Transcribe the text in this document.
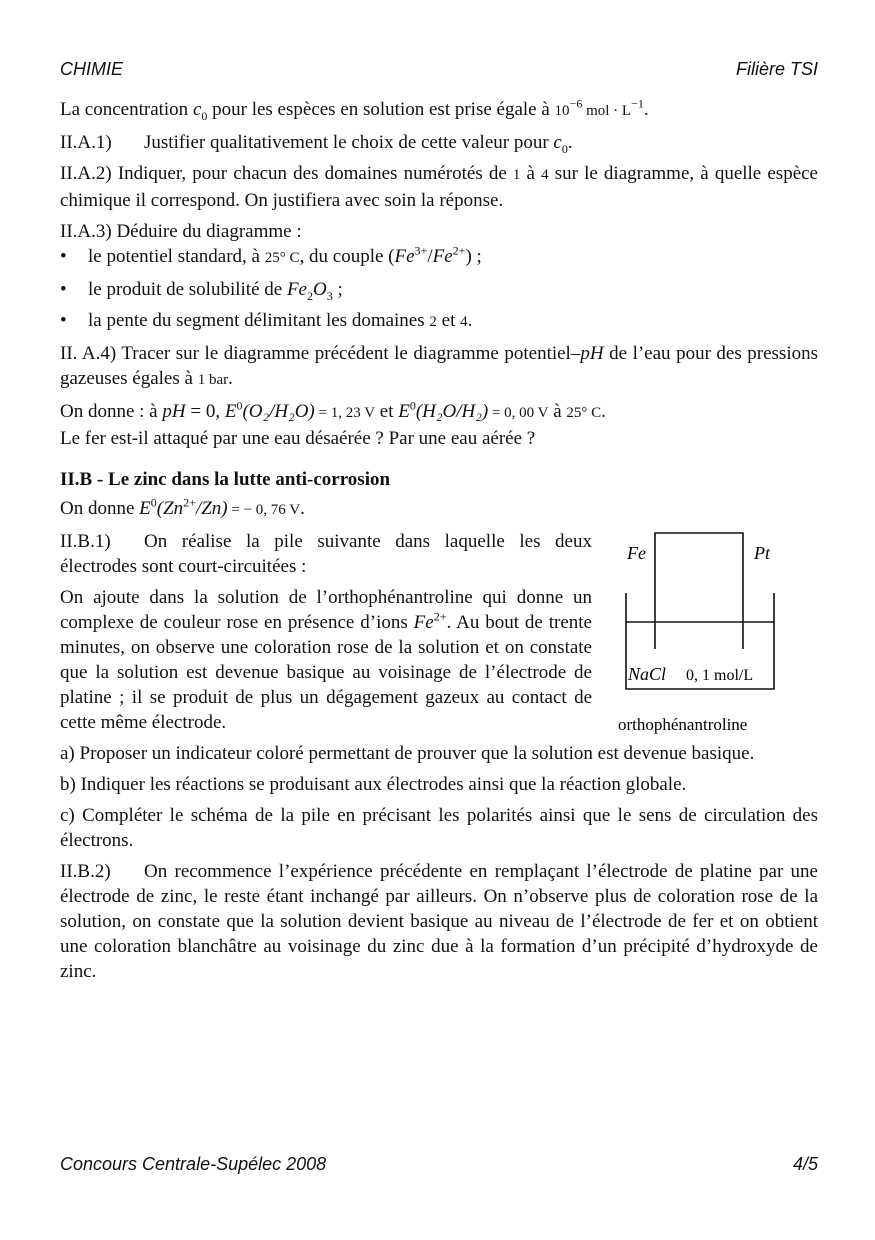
CHIMIE	Filière TSI

La concentration $c_0$ pour les espèces en solution est prise égale à $10^{-6}$ mol · $L^{-1}$.

II.A.1) Justifier qualitativement le choix de cette valeur pour $c_0$.

II.A.2) Indiquer, pour chacun des domaines numérotés de 1 à 4 sur le diagramme, à quelle espèce chimique il correspond. On justifiera avec soin la réponse.

II.A.3) Déduire du diagramme :

• le potentiel standard, à 25° C, du couple $(Fe^{3+}/Fe^{2+})$ ;
• le produit de solubilité de $Fe_2O_3$ ;
• la pente du segment délimitant les domaines 2 et 4.

II. A.4) Tracer sur le diagramme précédent le diagramme potentiel–pH de l’eau pour des pressions gazeuses égales à 1 bar.

On donne : à pH = 0, $E^0(O_2/H_2O) = 1$, 23 V et $E^0(H_2O/H_2) = 0$, 00 V à 25° C.

Le fer est-il attaqué par une eau désaérée ? Par une eau aérée ?

II.B - Le zinc dans la lutte anti-corrosion

On donne $E^0(Zn^{2+}/Zn)$ = − 0, 76 V.

II.B.1) On réalise la pile suivante dans laquelle les deux électrodes sont court-circuitées :

On ajoute dans la solution de l’orthophénantroline qui donne un complexe de couleur rose en présence d’ions $Fe^{2+}$. Au bout de trente minutes, on observe une coloration rose de la solution et on constate que la solution est devenue basique au voisinage de l’électrode de platine ; il se produit de plus un dégagement gazeux au contact de cette même électrode.

Fe	Pt
NaCl 0, 1 mol/L
orthophénantroline

a) Proposer un indicateur coloré permettant de prouver que la solution est devenue basique.

b) Indiquer les réactions se produisant aux électrodes ainsi que la réaction globale.

c) Compléter le schéma de la pile en précisant les polarités ainsi que le sens de circulation des électrons.

II.B.2) On recommence l’expérience précédente en remplaçant l’électrode de platine par une électrode de zinc, le reste étant inchangé par ailleurs. On n’observe plus de coloration rose de la solution, on constate que la solution devient basique au niveau de l’électrode de fer et on obtient une coloration blanchâtre au voisinage du zinc due à la formation d’un précipité d’hydroxyde de zinc.

Concours Centrale-Supélec 2008	4/5
